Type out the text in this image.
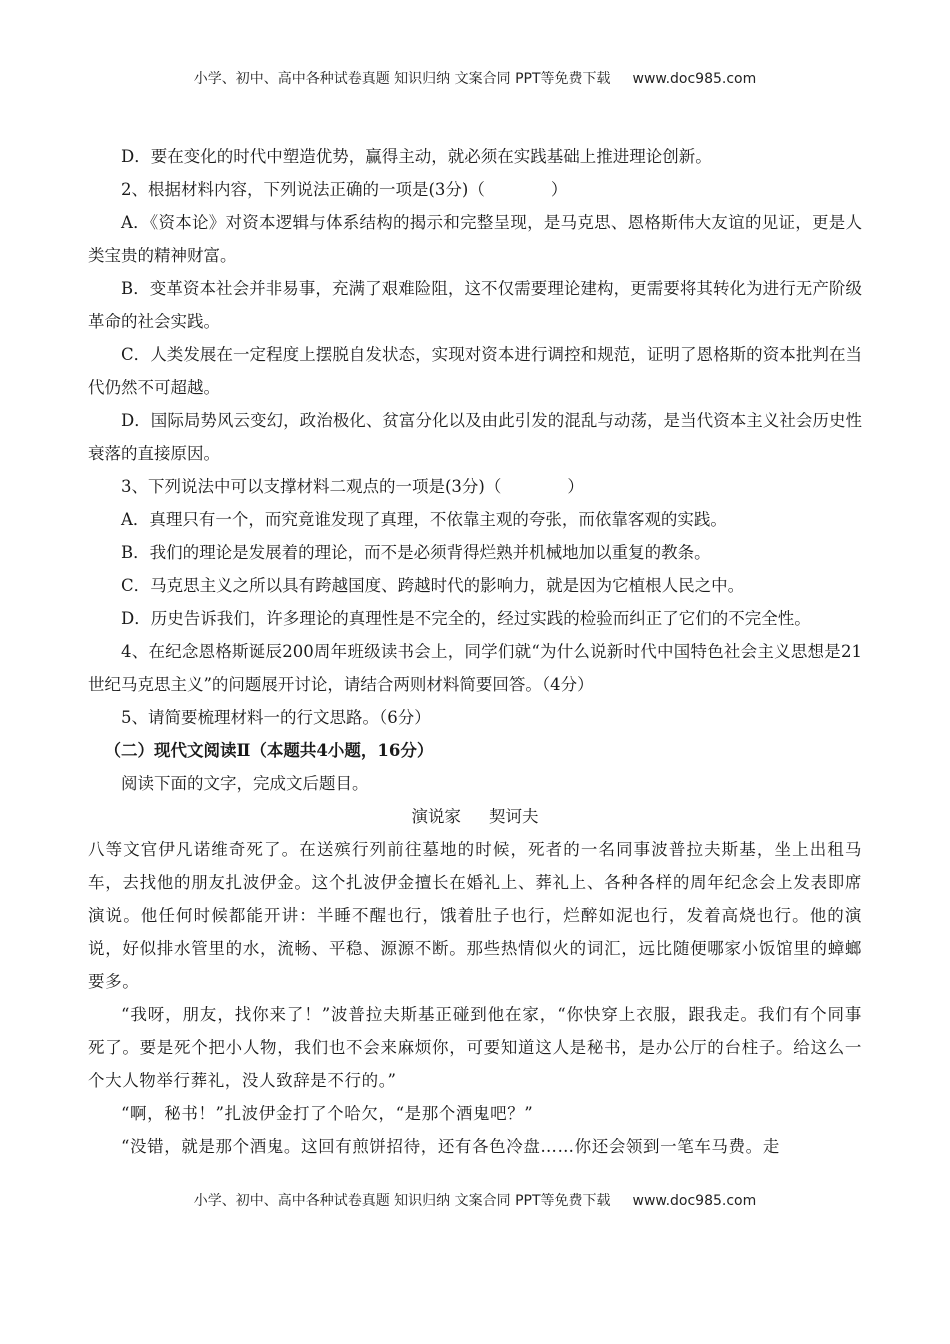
小学、初中、高中各种试卷真题 知识归纳 文案合同 PPT等免费下载 www.doc985.com

D．要在变化的时代中塑造优势，赢得主动，就必须在实践基础上推进理论创新。

2、根据材料内容，下列说法正确的一项是(3分)（　　　　）

A．《资本论》对资本逻辑与体系结构的揭示和完整呈现，是马克思、恩格斯伟大友谊的见证，更是人类宝贵的精神财富。

B．变革资本社会并非易事，充满了艰难险阻，这不仅需要理论建构，更需要将其转化为进行无产阶级革命的社会实践。

C．人类发展在一定程度上摆脱自发状态，实现对资本进行调控和规范，证明了恩格斯的资本批判在当代仍然不可超越。

D．国际局势风云变幻，政治极化、贫富分化以及由此引发的混乱与动荡，是当代资本主义社会历史性衰落的直接原因。

3、下列说法中可以支撑材料二观点的一项是(3分)（　　　　）

A．真理只有一个，而究竟谁发现了真理，不依靠主观的夸张，而依靠客观的实践。

B．我们的理论是发展着的理论，而不是必须背得烂熟并机械地加以重复的教条。

C．马克思主义之所以具有跨越国度、跨越时代的影响力，就是因为它植根人民之中。

D．历史告诉我们，许多理论的真理性是不完全的，经过实践的检验而纠正了它们的不完全性。

4、在纪念恩格斯诞辰200周年班级读书会上，同学们就“为什么说新时代中国特色社会主义思想是21世纪马克思主义”的问题展开讨论，请结合两则材料简要回答。（4分）

5、请简要梳理材料一的行文思路。（6分）

（二）现代文阅读Ⅱ（本题共4小题，16分）

阅读下面的文字，完成文后题目。

演说家 契诃夫

八等文官伊凡诺维奇死了。在送殡行列前往墓地的时候，死者的一名同事波普拉夫斯基，坐上出租马车，去找他的朋友扎波伊金。这个扎波伊金擅长在婚礼上、葬礼上、各种各样的周年纪念会上发表即席演说。他任何时候都能开讲：半睡不醒也行，饿着肚子也行，烂醉如泥也行，发着高烧也行。他的演说，好似排水管里的水，流畅、平稳、源源不断。那些热情似火的词汇，远比随便哪家小饭馆里的蟑螂要多。

“我呀，朋友，找你来了！”波普拉夫斯基正碰到他在家，“你快穿上衣服，跟我走。我们有个同事死了。要是死个把小人物，我们也不会来麻烦你，可要知道这人是秘书，是办公厅的台柱子。给这么一个大人物举行葬礼，没人致辞是不行的。”

“啊，秘书！”扎波伊金打了个哈欠，“是那个酒鬼吧？”

“没错，就是那个酒鬼。这回有煎饼招待，还有各色冷盘……你还会领到一笔车马费。走

小学、初中、高中各种试卷真题 知识归纳 文案合同 PPT等免费下载 www.doc985.com
